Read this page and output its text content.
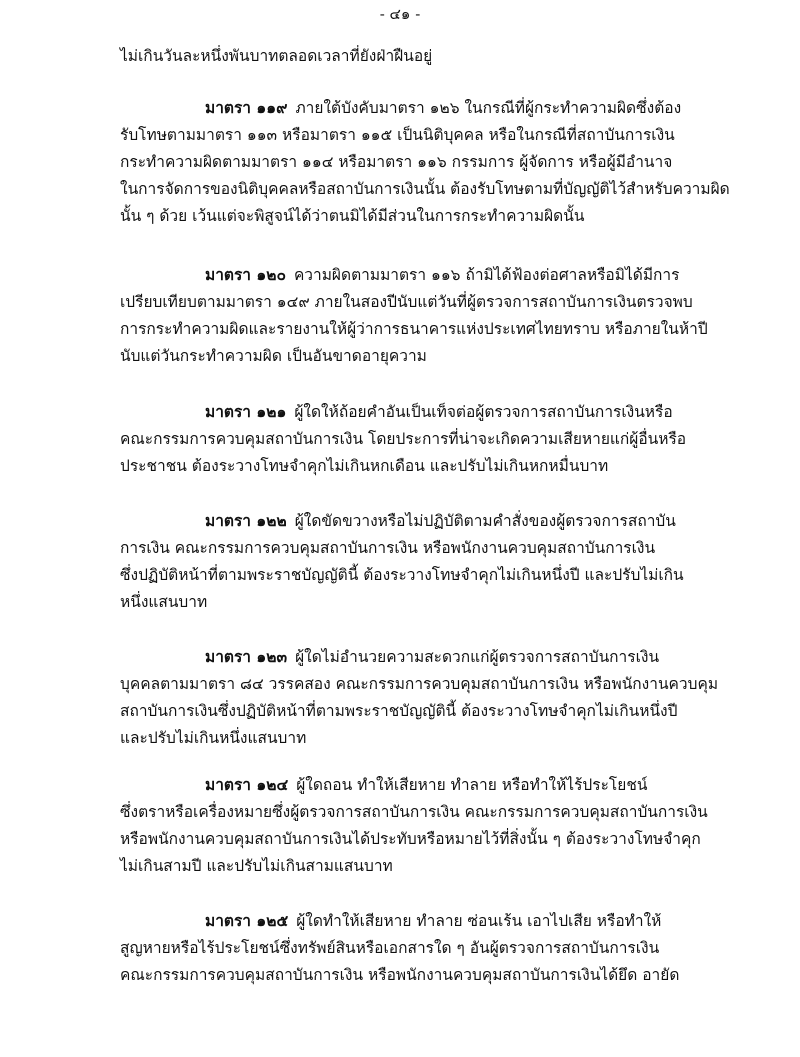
- ๔๑ -
ไม่เกินวันละหนึ่งพันบาทตลอดเวลาที่ยังฝ่าฝืนอยู่
มาตรา ๑๑๙ ภายใต้บังคับมาตรา ๑๒๖ ในกรณีที่ผู้กระทำความผิดซึ่งต้อง
รับโทษตามมาตรา ๑๑๓ หรือมาตรา ๑๑๕ เป็นนิติบุคคล หรือในกรณีที่สถาบันการเงิน
กระทำความผิดตามมาตรา ๑๑๔ หรือมาตรา ๑๑๖ กรรมการ ผู้จัดการ หรือผู้มีอำนาจ
ในการจัดการของนิติบุคคลหรือสถาบันการเงินนั้น ต้องรับโทษตามที่บัญญัติไว้สำหรับความผิด
นั้น ๆ ด้วย เว้นแต่จะพิสูจน์ได้ว่าตนมิได้มีส่วนในการกระทำความผิดนั้น
มาตรา ๑๒๐ ความผิดตามมาตรา ๑๑๖ ถ้ามิได้ฟ้องต่อศาลหรือมิได้มีการ
เปรียบเทียบตามมาตรา ๑๔๙ ภายในสองปีนับแต่วันที่ผู้ตรวจการสถาบันการเงินตรวจพบ
การกระทำความผิดและรายงานให้ผู้ว่าการธนาคารแห่งประเทศไทยทราบ หรือภายในห้าปี
นับแต่วันกระทำความผิด เป็นอันขาดอายุความ
มาตรา ๑๒๑ ผู้ใดให้ถ้อยคำอันเป็นเท็จต่อผู้ตรวจการสถาบันการเงินหรือ
คณะกรรมการควบคุมสถาบันการเงิน โดยประการที่น่าจะเกิดความเสียหายแก่ผู้อื่นหรือ
ประชาชน ต้องระวางโทษจำคุกไม่เกินหกเดือน และปรับไม่เกินหกหมื่นบาท
มาตรา ๑๒๒ ผู้ใดขัดขวางหรือไม่ปฏิบัติตามคำสั่งของผู้ตรวจการสถาบัน
การเงิน คณะกรรมการควบคุมสถาบันการเงิน หรือพนักงานควบคุมสถาบันการเงิน
ซึ่งปฏิบัติหน้าที่ตามพระราชบัญญัตินี้ ต้องระวางโทษจำคุกไม่เกินหนึ่งปี และปรับไม่เกิน
หนึ่งแสนบาท
มาตรา ๑๒๓ ผู้ใดไม่อำนวยความสะดวกแก่ผู้ตรวจการสถาบันการเงิน
บุคคลตามมาตรา ๘๔ วรรคสอง คณะกรรมการควบคุมสถาบันการเงิน หรือพนักงานควบคุม
สถาบันการเงินซึ่งปฏิบัติหน้าที่ตามพระราชบัญญัตินี้ ต้องระวางโทษจำคุกไม่เกินหนึ่งปี
และปรับไม่เกินหนึ่งแสนบาท
มาตรา ๑๒๔ ผู้ใดถอน ทำให้เสียหาย ทำลาย หรือทำให้ไร้ประโยชน์
ซึ่งตราหรือเครื่องหมายซึ่งผู้ตรวจการสถาบันการเงิน คณะกรรมการควบคุมสถาบันการเงิน
หรือพนักงานควบคุมสถาบันการเงินได้ประทับหรือหมายไว้ที่สิ่งนั้น ๆ ต้องระวางโทษจำคุก
ไม่เกินสามปี และปรับไม่เกินสามแสนบาท
มาตรา ๑๒๕ ผู้ใดทำให้เสียหาย ทำลาย ซ่อนเร้น เอาไปเสีย หรือทำให้
สูญหายหรือไร้ประโยชน์ซึ่งทรัพย์สินหรือเอกสารใด ๆ อันผู้ตรวจการสถาบันการเงิน
คณะกรรมการควบคุมสถาบันการเงิน หรือพนักงานควบคุมสถาบันการเงินได้ยึด อายัด
